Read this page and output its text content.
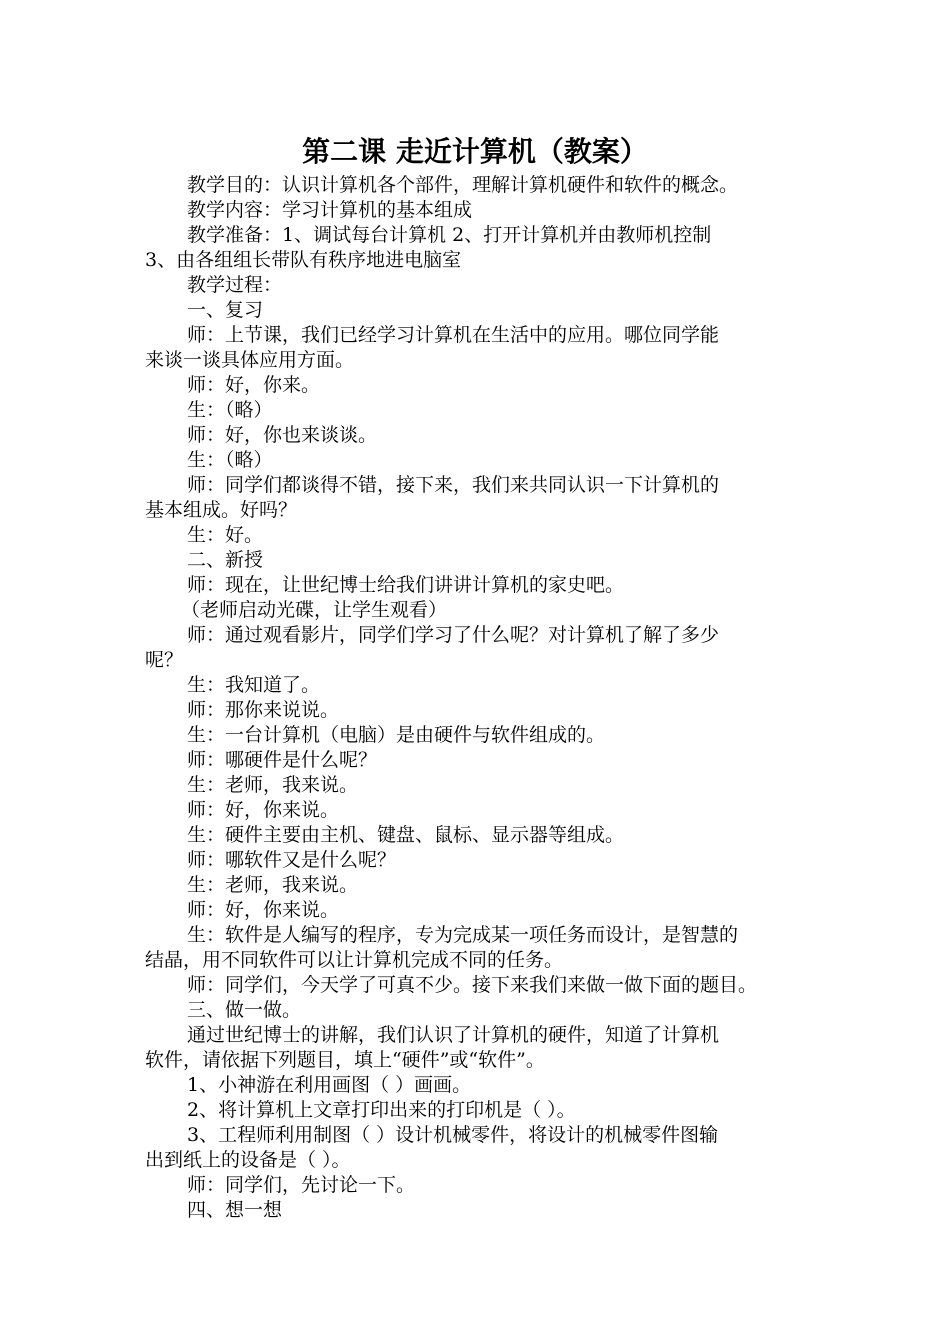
第二课 走近计算机（教案）
教学目的：认识计算机各个部件，理解计算机硬件和软件的概念。
教学内容：学习计算机的基本组成
教学准备：1、调试每台计算机 2、打开计算机并由教师机控制
3、由各组组长带队有秩序地进电脑室
教学过程：
一、复习
师：上节课，我们已经学习计算机在生活中的应用。哪位同学能
来谈一谈具体应用方面。
师：好，你来。
生：（略）
师：好，你也来谈谈。
生：（略）
师：同学们都谈得不错，接下来，我们来共同认识一下计算机的
基本组成。好吗？
生：好。
二、新授
师：现在，让世纪博士给我们讲讲计算机的家史吧。
（老师启动光碟，让学生观看）
师：通过观看影片，同学们学习了什么呢？对计算机了解了多少
呢？
生：我知道了。
师：那你来说说。
生：一台计算机（电脑）是由硬件与软件组成的。
师：哪硬件是什么呢？
生：老师，我来说。
师：好，你来说。
生：硬件主要由主机、键盘、鼠标、显示器等组成。
师：哪软件又是什么呢？
生：老师，我来说。
师：好，你来说。
生：软件是人编写的程序，专为完成某一项任务而设计，是智慧的
结晶，用不同软件可以让计算机完成不同的任务。
师：同学们，今天学了可真不少。接下来我们来做一做下面的题目。
三、做一做。
通过世纪博士的讲解，我们认识了计算机的硬件，知道了计算机
软件，请依据下列题目，填上“硬件”或“软件”。
1、小神游在利用画图（ ）画画。
2、将计算机上文章打印出来的打印机是（ ）。
3、工程师利用制图（ ）设计机械零件，将设计的机械零件图输
出到纸上的设备是（ ）。
师：同学们，先讨论一下。
四、想一想
